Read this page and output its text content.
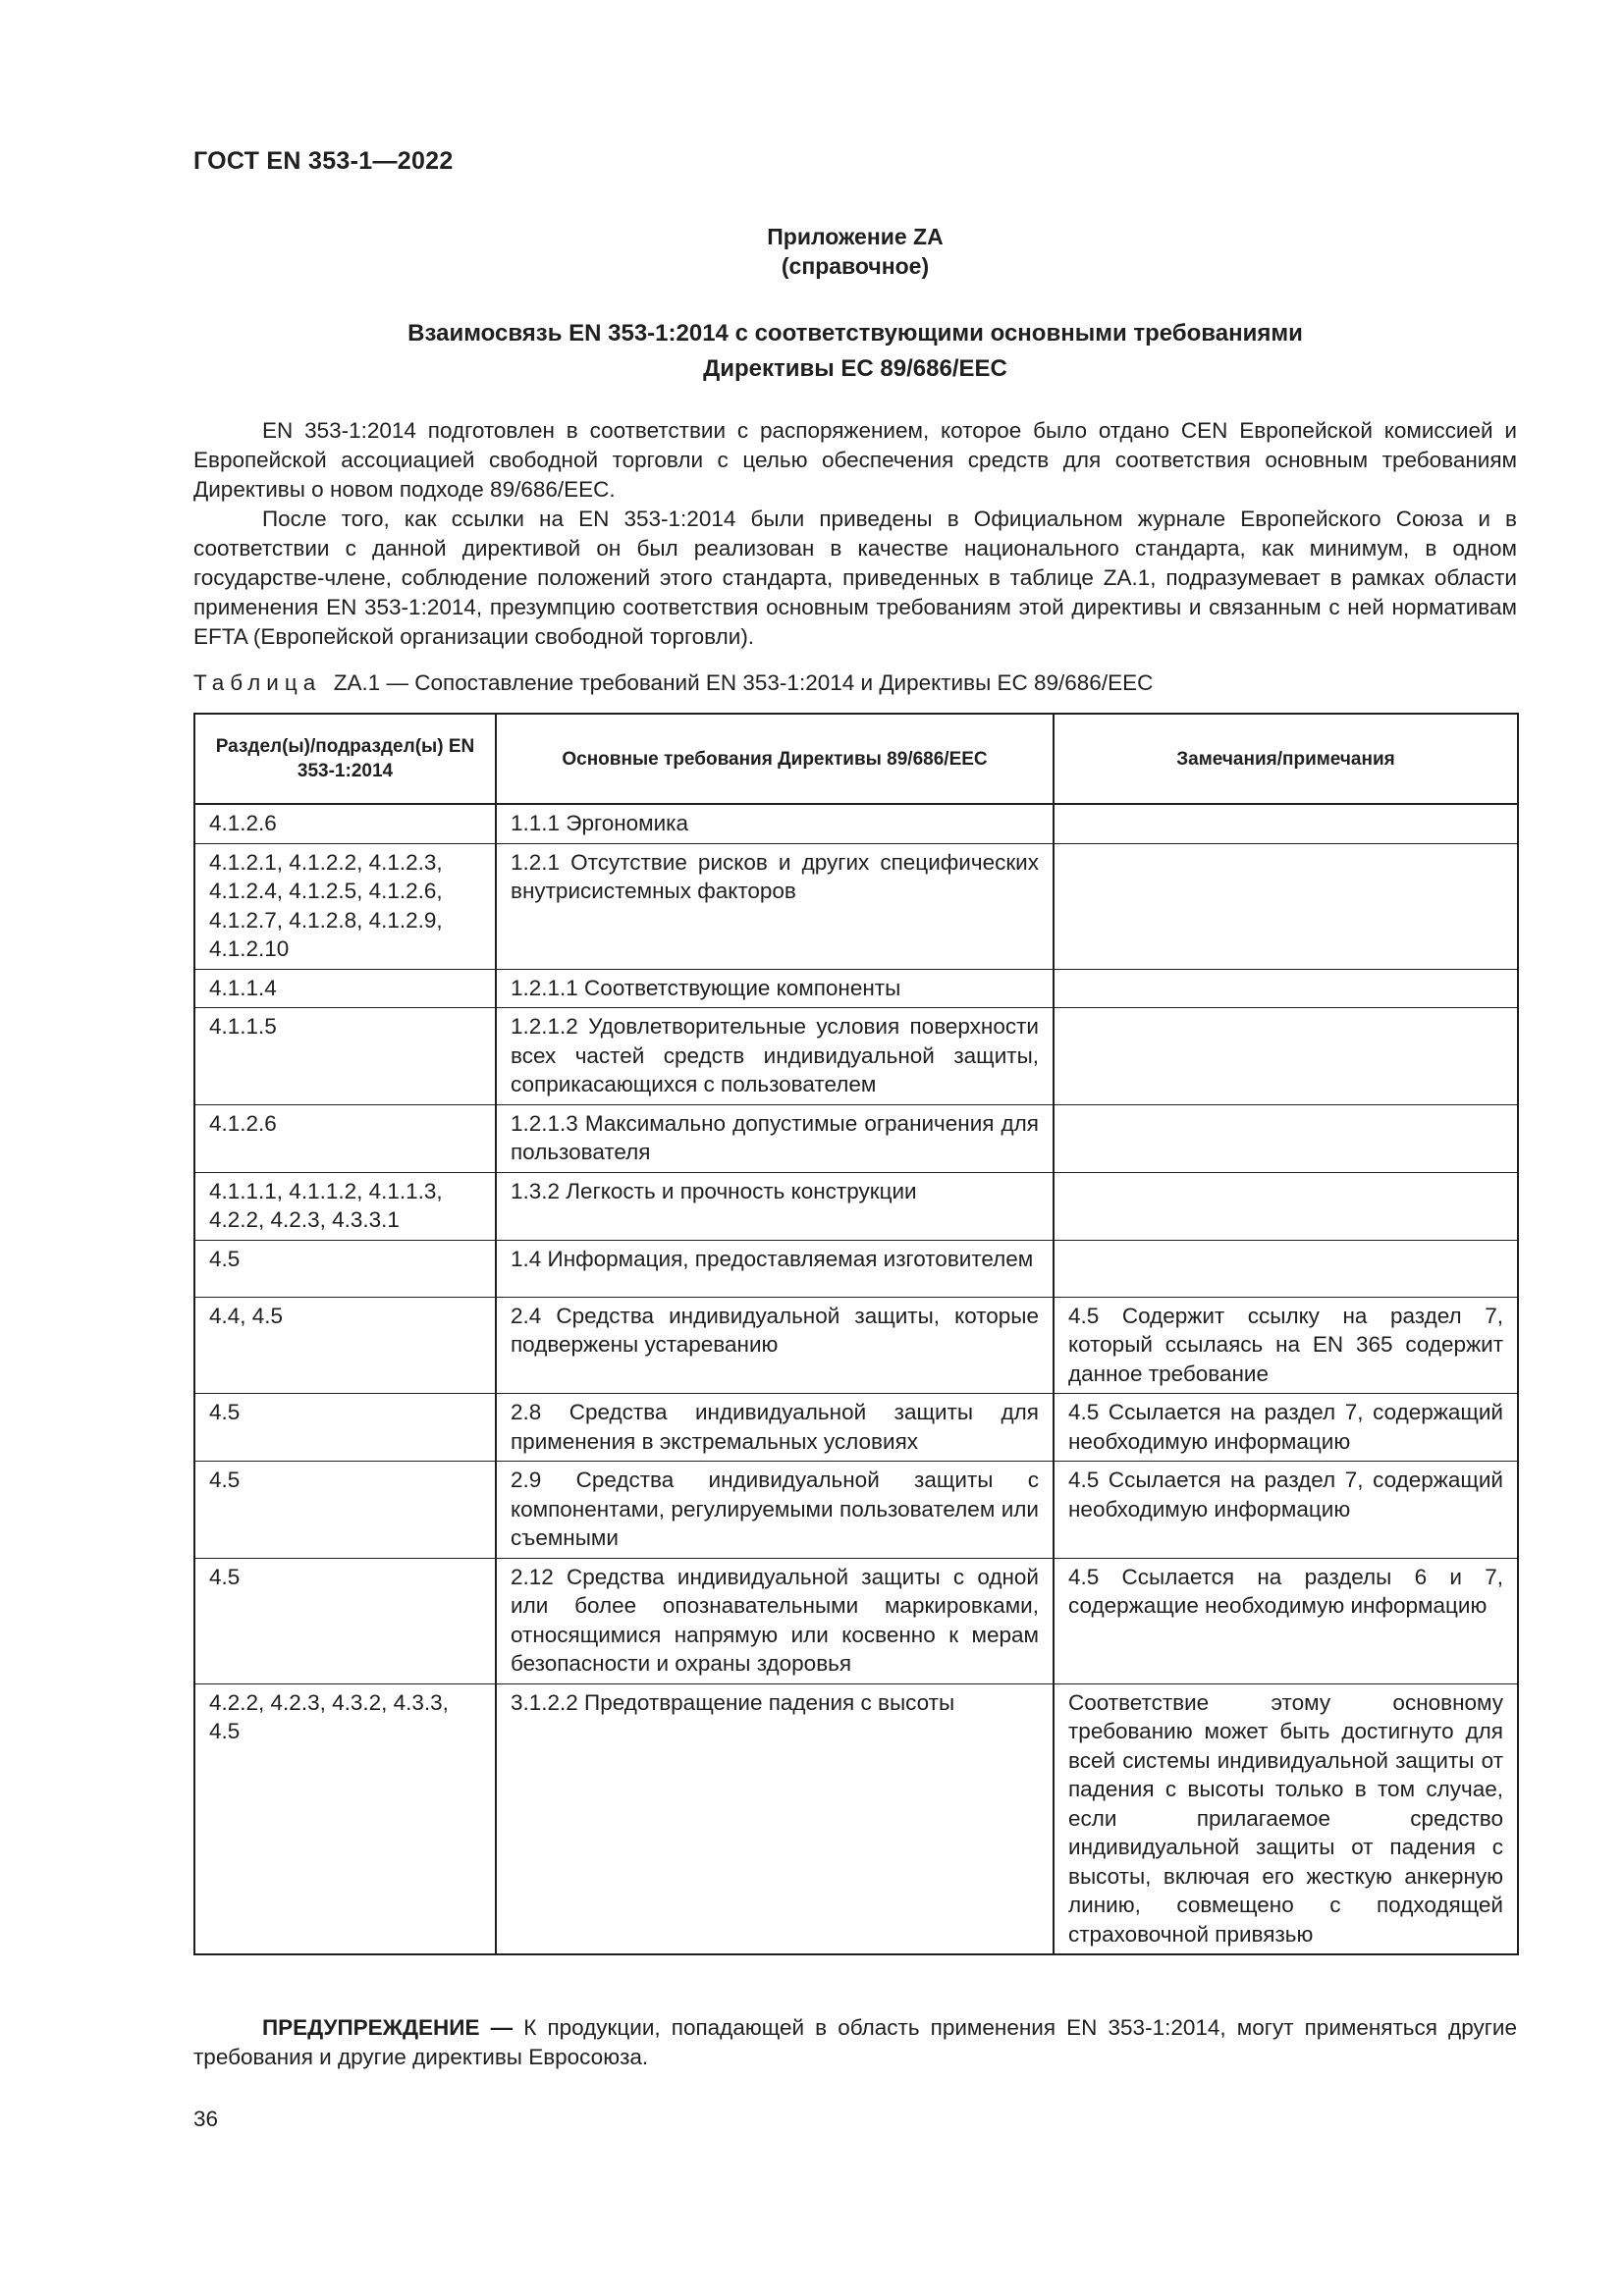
ГОСТ EN 353-1—2022
Приложение ZA
(справочное)
Взаимосвязь EN 353-1:2014 с соответствующими основными требованиями
Директивы ЕС 89/686/EEC

EN 353-1:2014 подготовлен в соответствии с распоряжением, которое было отдано CEN Европейской комиссией и Европейской ассоциацией свободной торговли с целью обеспечения средств для соответствия основным требованиям Директивы о новом подходе 89/686/EEC.

После того, как ссылки на EN 353-1:2014 были приведены в Официальном журнале Европейского Союза и в соответствии с данной директивой он был реализован в качестве национального стандарта, как минимум, в одном государстве-члене, соблюдение положений этого стандарта, приведенных в таблице ZA.1, подразумевает в рамках области применения EN 353-1:2014, презумпцию соответствия основным требованиям этой директивы и связанным с ней нормативам EFTA (Европейской организации свободной торговли).

Таблица ZA.1 — Сопоставление требований EN 353-1:2014 и Директивы ЕС 89/686/EEC
Раздел(ы)/подраздел(ы) EN 353-1:2014	Основные требования Директивы 89/686/EEC	Замечания/примечания
4.1.2.6	1.1.1 Эргономика	
4.1.2.1, 4.1.2.2, 4.1.2.3, 4.1.2.4, 4.1.2.5, 4.1.2.6, 4.1.2.7, 4.1.2.8, 4.1.2.9, 4.1.2.10	1.2.1 Отсутствие рисков и других специфических внутрисистемных факторов	
4.1.1.4	1.2.1.1 Соответствующие компоненты	
4.1.1.5	1.2.1.2 Удовлетворительные условия поверхности всех частей средств индивидуальной защиты, соприкасающихся с пользователем	
4.1.2.6	1.2.1.3 Максимально допустимые ограничения для пользователя	
4.1.1.1, 4.1.1.2, 4.1.1.3, 4.2.2, 4.2.3, 4.3.3.1	1.3.2 Легкость и прочность конструкции	
4.5	1.4 Информация, предоставляемая изготовителем	
4.4, 4.5	2.4 Средства индивидуальной защиты, которые подвержены устареванию	4.5 Содержит ссылку на раздел 7, который ссылаясь на EN 365 содержит данное требование
4.5	2.8 Средства индивидуальной защиты для применения в экстремальных условиях	4.5 Ссылается на раздел 7, содержащий необходимую информацию
4.5	2.9 Средства индивидуальной защиты с компонентами, регулируемыми пользователем или съемными	4.5 Ссылается на раздел 7, содержащий необходимую информацию
4.5	2.12 Средства индивидуальной защиты с одной или более опознавательными маркировками, относящимися напрямую или косвенно к мерам безопасности и охраны здоровья	4.5 Ссылается на разделы 6 и 7, содержащие необходимую информацию
4.2.2, 4.2.3, 4.3.2, 4.3.3, 4.5	3.1.2.2 Предотвращение падения с высоты	Соответствие этому основному требованию может быть достигнуто для всей системы индивидуальной защиты от падения с высоты только в том случае, если прилагаемое средство индивидуальной защиты от падения с высоты, включая его жесткую анкерную линию, совмещено с подходящей страховочной привязью

ПРЕДУПРЕЖДЕНИЕ — К продукции, попадающей в область применения EN 353-1:2014, могут применяться другие требования и другие директивы Евросоюза.

36
